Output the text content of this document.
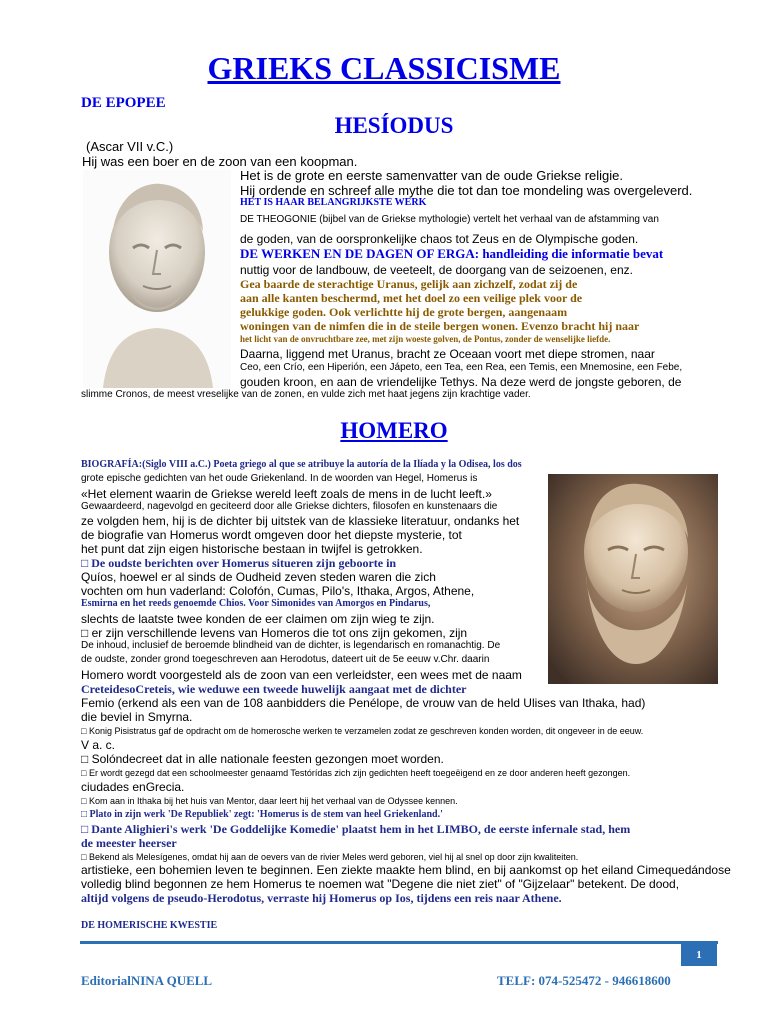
GRIEKS CLASSICISME
DE EPOPEE
HESÍODUS
(Ascar VII v.C.)
Hij was een boer en de zoon van een koopman.
Het is de grote en eerste samenvatter van de oude Griekse religie.
Hij ordende en schreef alle mythe die tot dan toe mondeling was overgeleverd.
HET IS HAAR BELANGRIJKSTE WERK
DE THEOGONIE (bijbel van de Griekse mythologie) vertelt het verhaal van de afstamming van
de goden, van de oorspronkelijke chaos tot Zeus en de Olympische goden.
DE WERKEN EN DE DAGEN OF ERGA: handleiding die informatie bevat
nuttig voor de landbouw, de veeteelt, de doorgang van de seizoenen, enz.
Gea baarde de sterachtige Uranus, gelijk aan zichzelf, zodat zij de
aan alle kanten beschermd, met het doel zo een veilige plek voor de
gelukkige goden. Ook verlichtte hij de grote bergen, aangenaam
woningen van de nimfen die in de steile bergen wonen. Evenzo bracht hij naar
het licht van de onvruchtbare zee, met zijn woeste golven, de Pontus, zonder de wenselijke liefde.
Daarna, liggend met Uranus, bracht ze Oceaan voort met diepe stromen, naar
Ceo, een Crío, een Hiperión, een Jápeto, een Tea, een Rea, een Temis, een Mnemosine, een Febe,
gouden kroon, en aan de vriendelijke Tethys. Na deze werd de jongste geboren, de
slimme Cronos, de meest vreselijke van de zonen, en vulde zich met haat jegens zijn krachtige vader.
HOMERO
BIOGRAFÍA:(Siglo VIII a.C.) Poeta griego al que se atribuye la autoría de la Ilíada y la Odisea, los dos
grote epische gedichten van het oude Griekenland. In de woorden van Hegel, Homerus is
«Het element waarin de Griekse wereld leeft zoals de mens in de lucht leeft.»
Gewaardeerd, nagevolgd en geciteerd door alle Griekse dichters, filosofen en kunstenaars die
ze volgden hem, hij is de dichter bij uitstek van de klassieke literatuur, ondanks het
de biografie van Homerus wordt omgeven door het diepste mysterie, tot
het punt dat zijn eigen historische bestaan in twijfel is getrokken.
□ De oudste berichten over Homerus situeren zijn geboorte in
Quíos, hoewel er al sinds de Oudheid zeven steden waren die zich
vochten om hun vaderland: Colofón, Cumas, Pilo's, Ithaka, Argos, Athene,
Esmirna en het reeds genoemde Chios. Voor Simonides van Amorgos en Pindarus,
slechts de laatste twee konden de eer claimen om zijn wieg te zijn.
□ er zijn verschillende levens van Homeros die tot ons zijn gekomen, zijn
De inhoud, inclusief de beroemde blindheid van de dichter, is legendarisch en romanachtig. De
de oudste, zonder grond toegeschreven aan Herodotus, dateert uit de 5e eeuw v.Chr. daarin
Homero wordt voorgesteld als de zoon van een verleidster, een wees met de naam
CreteidesoCreteis, wie weduwe een tweede huwelijk aangaat met de dichter
Femio (erkend als een van de 108 aanbidders die Penélope, de vrouw van de held Ulises van Ithaka, had)
die beviel in Smyrna.
□ Konig Pisistratus gaf de opdracht om de homerosche werken te verzamelen zodat ze geschreven konden worden, dit ongeveer in de eeuw.
V a. c.
□ Solóndecreet dat in alle nationale feesten gezongen moet worden.
□ Er wordt gezegd dat een schoolmeester genaamd Testórídas zich zijn gedichten heeft toegeëigend en ze door anderen heeft gezongen.
ciudades enGrecia.
□ Kom aan in Ithaka bij het huis van Mentor, daar leert hij het verhaal van de Odyssee kennen.
□ Plato in zijn werk 'De Republiek' zegt: 'Homerus is de stem van heel Griekenland.'
□ Dante Alighieri's werk 'De Goddelijke Komedie' plaatst hem in het LIMBO, de eerste infernale stad, hem
de meester heerser
□ Bekend als Melesígenes, omdat hij aan de oevers van de rivier Meles werd geboren, viel hij al snel op door zijn kwaliteiten.
artistieke, een bohemien leven te beginnen. Een ziekte maakte hem blind, en bij aankomst op het eiland Cimequedándose
volledig blind begonnen ze hem Homerus te noemen wat "Degene die niet ziet" of "Gijzelaar" betekent. De dood,
altijd volgens de pseudo-Herodotus, verraste hij Homerus op Ios, tijdens een reis naar Athene.
DE HOMERISCHE KWESTIE
1
EditorialNINA QUELL	TELF: 074-525472 - 946618600
